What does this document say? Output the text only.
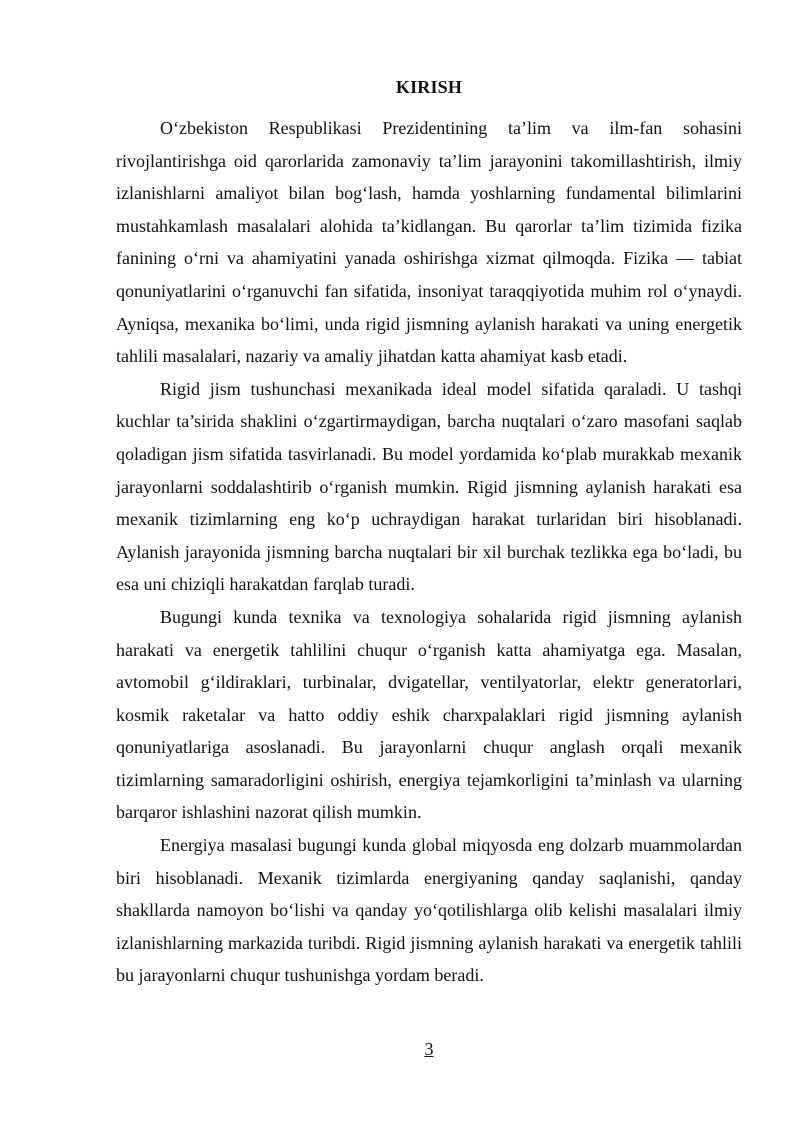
KIRISH

O‘zbekiston Respublikasi Prezidentining ta’lim va ilm-fan sohasini rivojlantirishga oid qarorlarida zamonaviy ta’lim jarayonini takomillashtirish, ilmiy izlanishlarni amaliyot bilan bog‘lash, hamda yoshlarning fundamental bilimlarini mustahkamlash masalalari alohida ta’kidlangan. Bu qarorlar ta’lim tizimida fizika fanining o‘rni va ahamiyatini yanada oshirishga xizmat qilmoqda. Fizika — tabiat qonuniyatlarini o‘rganuvchi fan sifatida, insoniyat taraqqiyotida muhim rol o‘ynaydi. Ayniqsa, mexanika bo‘limi, unda rigid jismning aylanish harakati va uning energetik tahlili masalalari, nazariy va amaliy jihatdan katta ahamiyat kasb etadi.

Rigid jism tushunchasi mexanikada ideal model sifatida qaraladi. U tashqi kuchlar ta’sirida shaklini o‘zgartirmaydigan, barcha nuqtalari o‘zaro masofani saqlab qoladigan jism sifatida tasvirlanadi. Bu model yordamida ko‘plab murakkab mexanik jarayonlarni soddalashtirib o‘rganish mumkin. Rigid jismning aylanish harakati esa mexanik tizimlarning eng ko‘p uchraydigan harakat turlaridan biri hisoblanadi. Aylanish jarayonida jismning barcha nuqtalari bir xil burchak tezlikka ega bo‘ladi, bu esa uni chiziqli harakatdan farqlab turadi.

Bugungi kunda texnika va texnologiya sohalarida rigid jismning aylanish harakati va energetik tahlilini chuqur o‘rganish katta ahamiyatga ega. Masalan, avtomobil g‘ildiraklari, turbinalar, dvigatellar, ventilyatorlar, elektr generatorlari, kosmik raketalar va hatto oddiy eshik charxpalaklari rigid jismning aylanish qonuniyatlariga asoslanadi. Bu jarayonlarni chuqur anglash orqali mexanik tizimlarning samaradorligini oshirish, energiya tejamkorligini ta’minlash va ularning barqaror ishlashini nazorat qilish mumkin.

Energiya masalasi bugungi kunda global miqyosda eng dolzarb muammolardan biri hisoblanadi. Mexanik tizimlarda energiyaning qanday saqlanishi, qanday shakllarda namoyon bo‘lishi va qanday yo‘qotilishlarga olib kelishi masalalari ilmiy izlanishlarning markazida turibdi. Rigid jismning aylanish harakati va energetik tahlili bu jarayonlarni chuqur tushunishga yordam beradi.

3
